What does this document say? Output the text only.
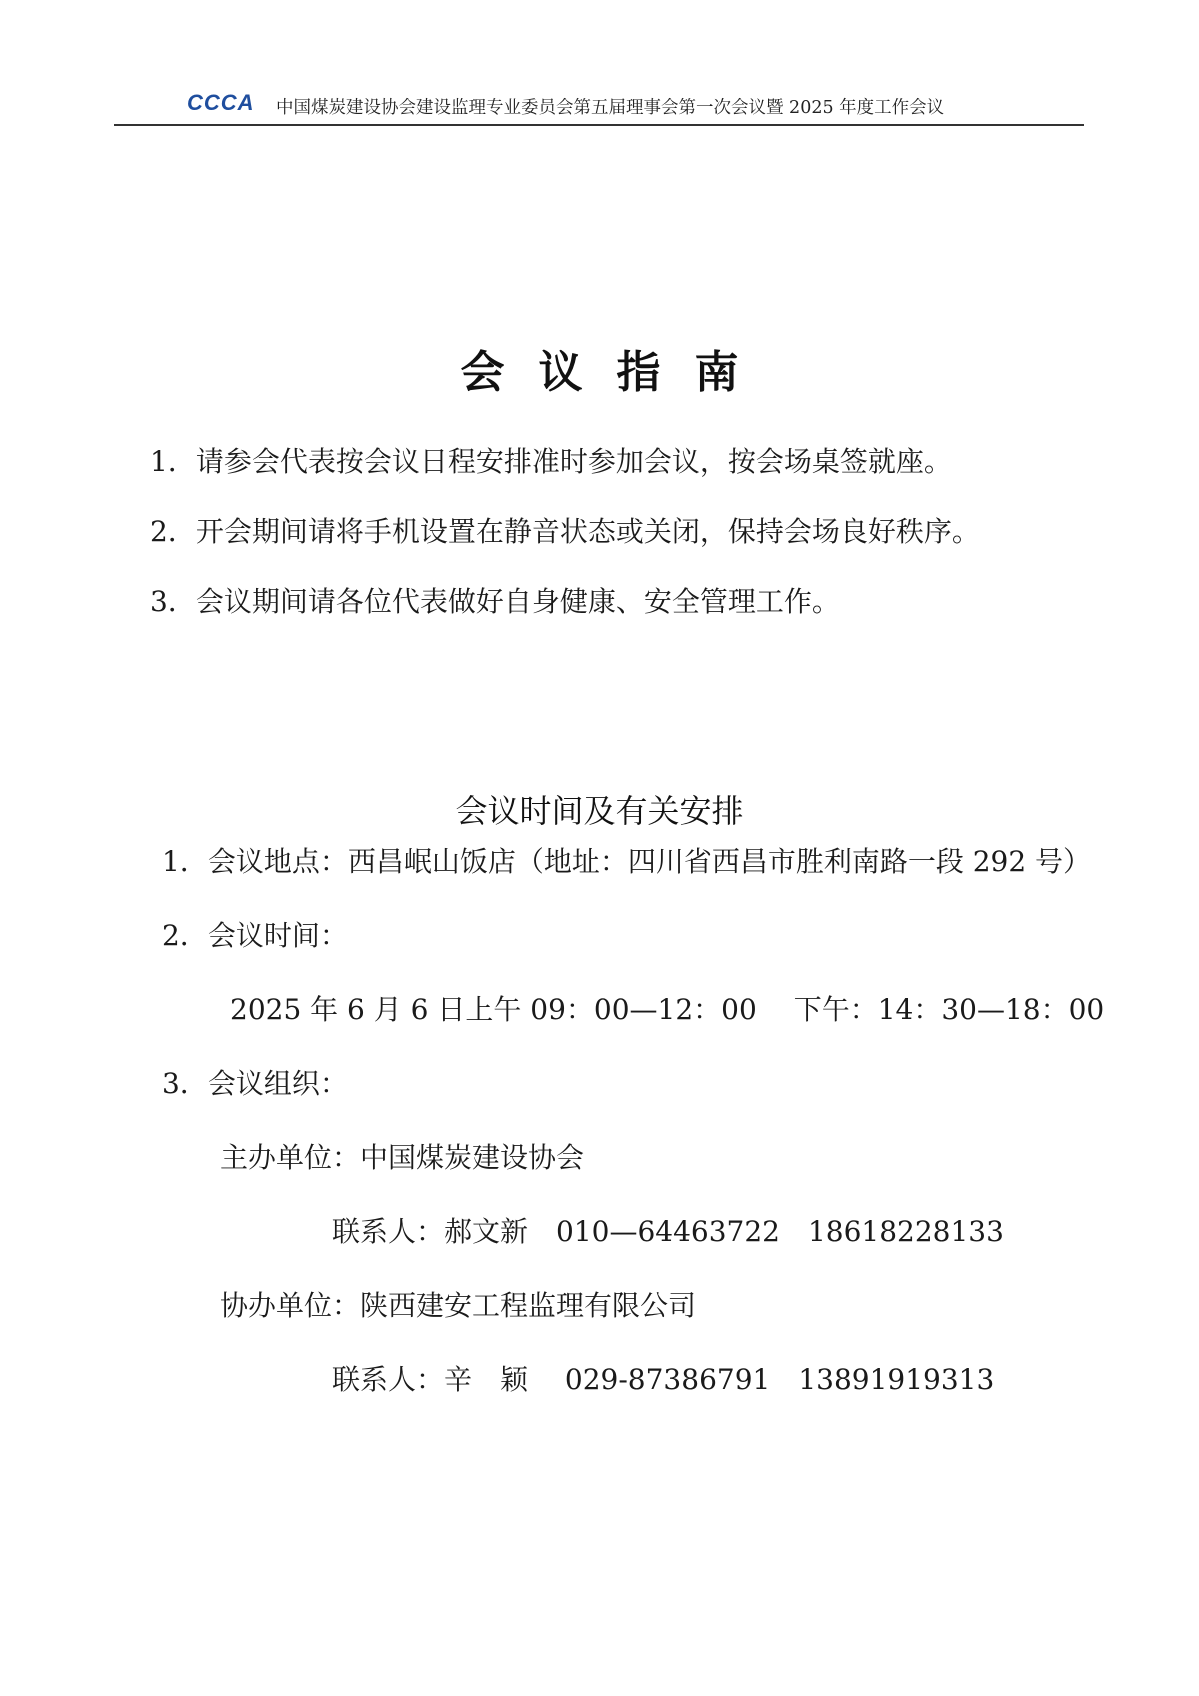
CCCA 中国煤炭建设协会建设监理专业委员会第五届理事会第一次会议暨 2025 年度工作会议
会议指南
1．请参会代表按会议日程安排准时参加会议，按会场桌签就座。
2．开会期间请将手机设置在静音状态或关闭，保持会场良好秩序。
3．会议期间请各位代表做好自身健康、安全管理工作。
会议时间及有关安排
1．会议地点：西昌岷山饭店（地址：四川省西昌市胜利南路一段 292 号）
2．会议时间：
2025 年 6 月 6 日上午 09：00—12：00　 下午：14：30—18：00
3．会议组织：
主办单位：中国煤炭建设协会
联系人：郝文新　010—64463722　18618228133
协办单位：陕西建安工程监理有限公司
联系人：辛　颖　 029-87386791　13891919313
